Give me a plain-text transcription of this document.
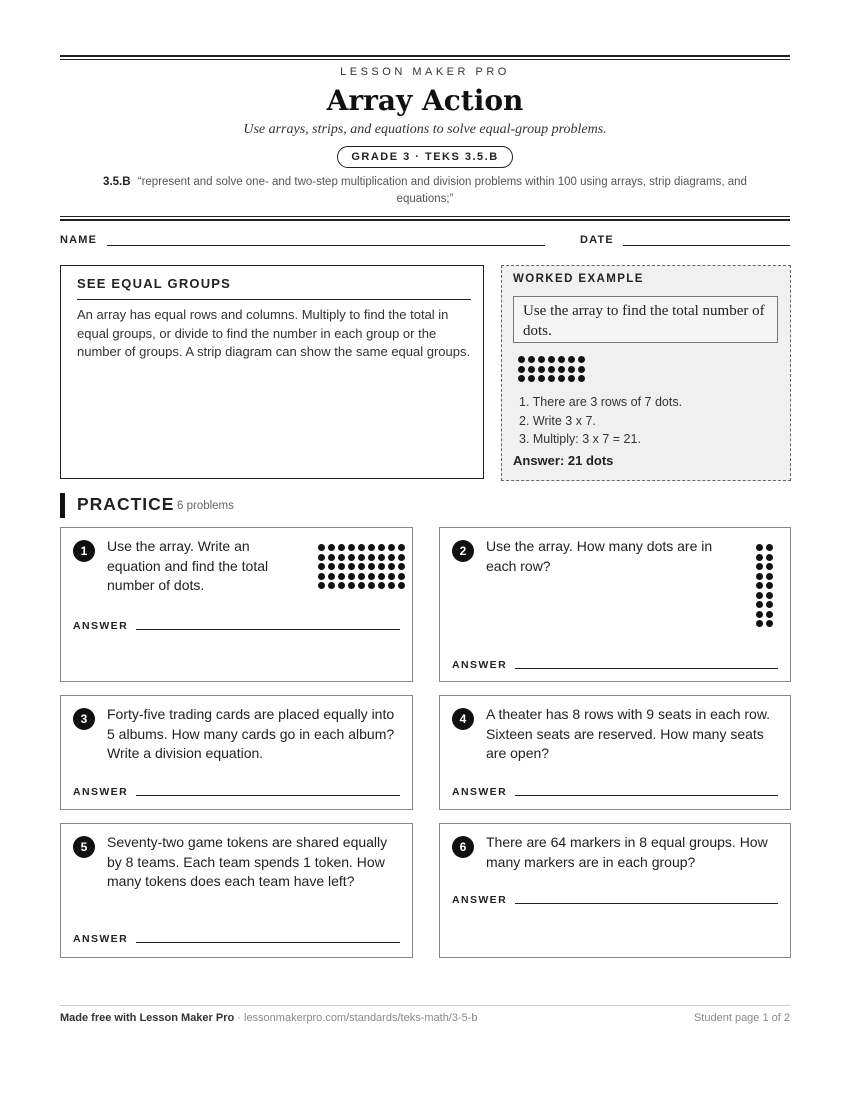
LESSON MAKER PRO
Array Action
Use arrays, strips, and equations to solve equal-group problems.
GRADE 3 · TEKS 3.5.B
3.5.B “represent and solve one- and two-step multiplication and division problems within 100 using arrays, strip diagrams, and equations;”
NAME	DATE
SEE EQUAL GROUPS

An array has equal rows and columns. Multiply to find the total in equal groups, or divide to find the number in each group or the number of groups. A strip diagram can show the same equal groups.

WORKED EXAMPLE
Use the array to find the total number of dots.
1. There are 3 rows of 7 dots.
2. Write 3 x 7.
3. Multiply: 3 x 7 = 21.
Answer: 21 dots
PRACTICE 6 problems
1	Use the array. Write an equation and find the total number of dots.
ANSWER
2	Use the array. How many dots are in each row?
ANSWER
3	Forty-five trading cards are placed equally into 5 albums. How many cards go in each album? Write a division equation.
ANSWER
4	A theater has 8 rows with 9 seats in each row. Sixteen seats are reserved. How many seats are open?
ANSWER
5	Seventy-two game tokens are shared equally by 8 teams. Each team spends 1 token. How many tokens does each team have left?
ANSWER
6	There are 64 markers in 8 equal groups. How many markers are in each group?
ANSWER
Made free with Lesson Maker Pro · lessonmakerpro.com/standards/teks-math/3-5-b	Student page 1 of 2
